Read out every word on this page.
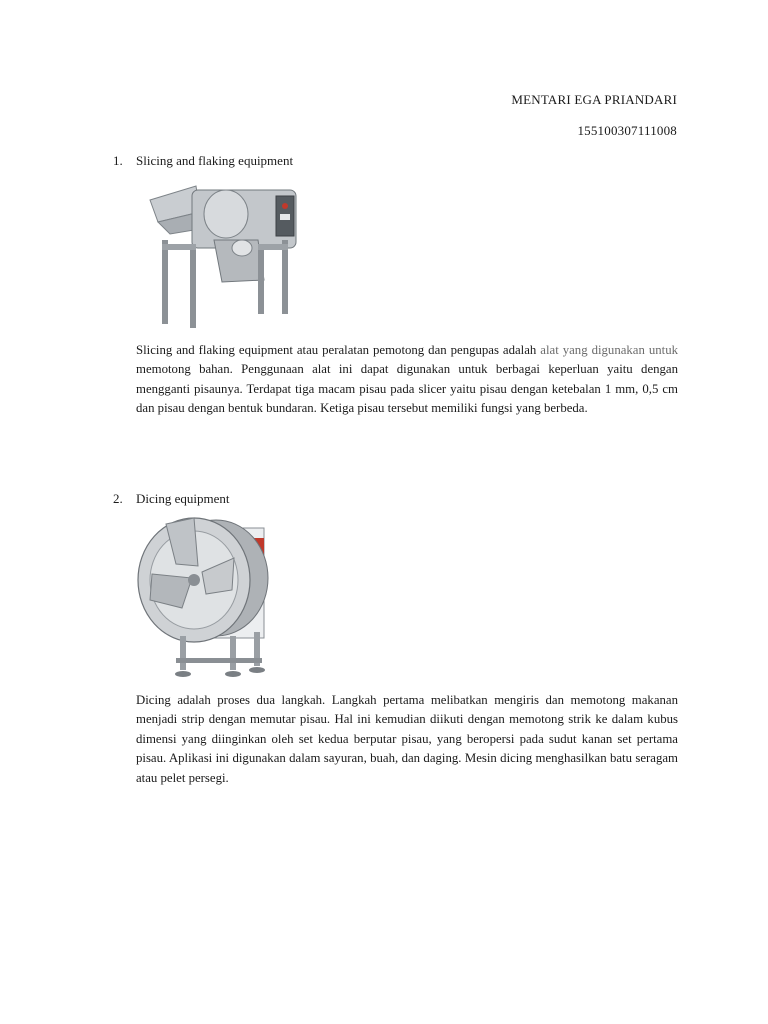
MENTARI EGA PRIANDARI
155100307111008
1.	Slicing and flaking equipment

Slicing and flaking equipment atau peralatan pemotong dan pengupas adalah alat yang digunakan untuk memotong bahan. Penggunaan alat ini dapat digunakan untuk berbagai keperluan yaitu dengan mengganti pisaunya. Terdapat tiga macam pisau pada slicer yaitu pisau dengan ketebalan 1 mm, 0,5 cm dan pisau dengan bentuk bundaran. Ketiga pisau tersebut memiliki fungsi yang berbeda.

2.	Dicing equipment

Dicing adalah proses dua langkah. Langkah pertama melibatkan mengiris dan memotong makanan menjadi strip dengan memutar pisau. Hal ini kemudian diikuti dengan memotong strik ke dalam kubus dimensi yang diinginkan oleh set kedua berputar pisau, yang beropersi pada sudut kanan set pertama pisau. Aplikasi ini digunakan dalam sayuran, buah, dan daging. Mesin dicing menghasilkan batu seragam atau pelet persegi.
